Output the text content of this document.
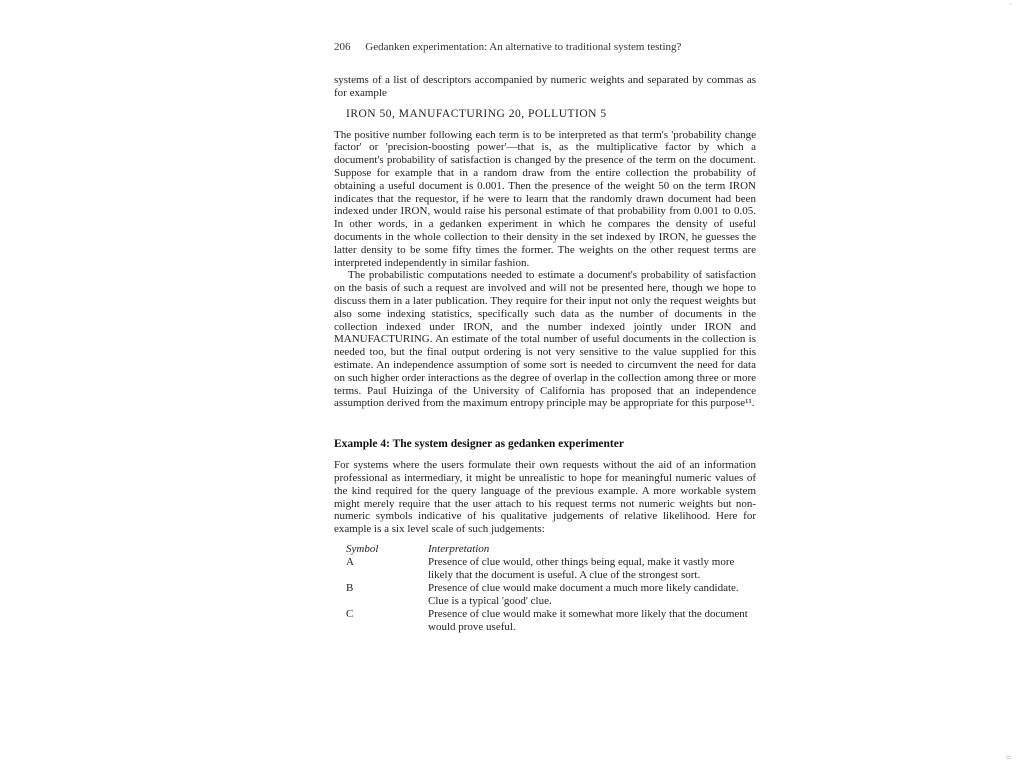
206 Gedanken experimentation: An alternative to traditional system testing?

systems of a list of descriptors accompanied by numeric weights and separated by commas as for example

IRON 50, MANUFACTURING 20, POLLUTION 5

The positive number following each term is to be interpreted as that term's 'probability change factor' or 'precision-boosting power'—that is, as the multiplicative factor by which a document's probability of satisfaction is changed by the presence of the term on the document. Suppose for example that in a random draw from the entire collection the probability of obtaining a useful document is 0.001. Then the presence of the weight 50 on the term IRON indicates that the requestor, if he were to learn that the randomly drawn document had been indexed under IRON, would raise his personal estimate of that probability from 0.001 to 0.05. In other words, in a gedanken experiment in which he compares the density of useful documents in the whole collection to their density in the set indexed by IRON, he guesses the latter density to be some fifty times the former. The weights on the other request terms are interpreted independently in similar fashion.

The probabilistic computations needed to estimate a document's probability of satisfaction on the basis of such a request are involved and will not be presented here, though we hope to discuss them in a later publication. They require for their input not only the request weights but also some indexing statistics, specifically such data as the number of documents in the collection indexed under IRON, and the number indexed jointly under IRON and MANUFACTURING. An estimate of the total number of useful documents in the collection is needed too, but the final output ordering is not very sensitive to the value supplied for this estimate. An independence assumption of some sort is needed to circumvent the need for data on such higher order interactions as the degree of overlap in the collection among three or more terms. Paul Huizinga of the University of California has proposed that an independence assumption derived from the maximum entropy principle may be appropriate for this purpose¹¹.

Example 4: The system designer as gedanken experimenter

For systems where the users formulate their own requests without the aid of an information professional as intermediary, it might be unrealistic to hope for meaningful numeric values of the kind required for the query language of the previous example. A more workable system might merely require that the user attach to his request terms not numeric weights but non-numeric symbols indicative of his qualitative judgements of relative likelihood. Here for example is a six level scale of such judgements:

Symbol	Interpretation
A	Presence of clue would, other things being equal, make it vastly more likely that the document is useful. A clue of the strongest sort.
B	Presence of clue would make document a much more likely candidate. Clue is a typical 'good' clue.
C	Presence of clue would make it somewhat more likely that the document would prove useful.
ʼ
=
